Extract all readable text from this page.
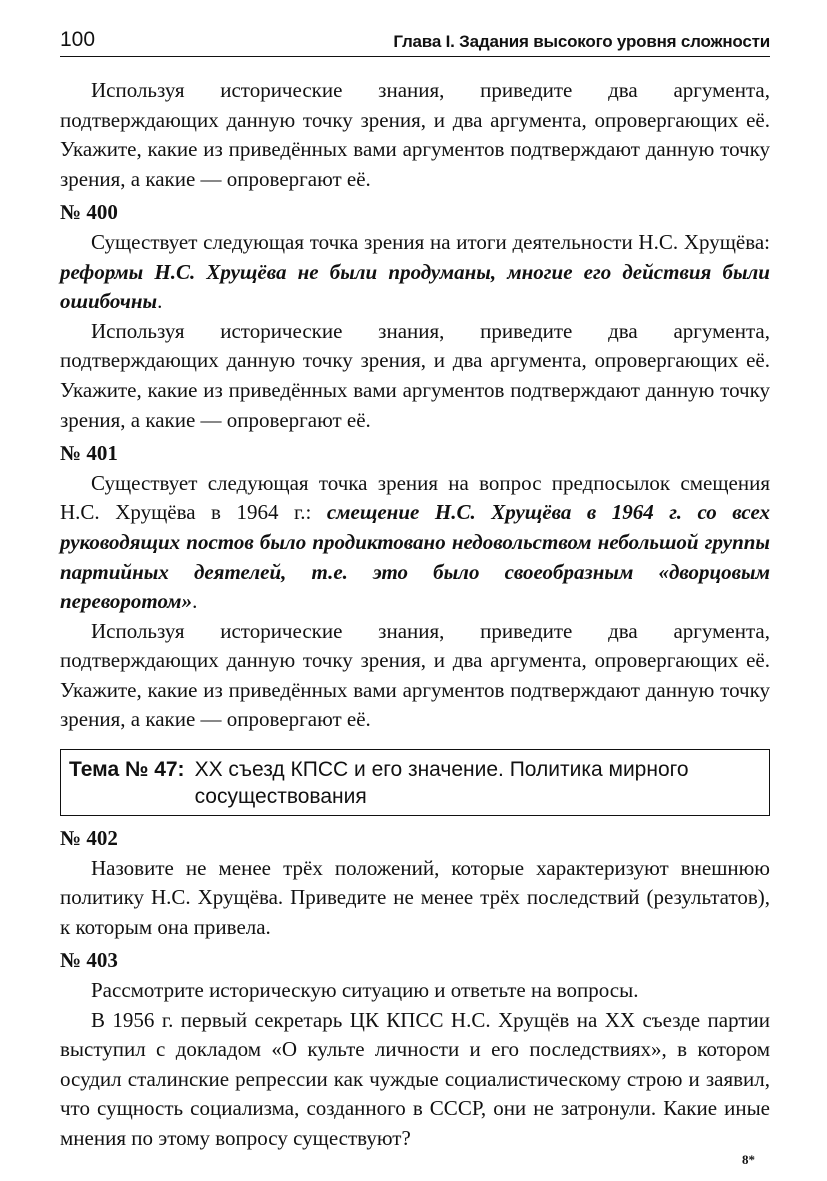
100	Глава I. Задания высокого уровня сложности

Используя исторические знания, приведите два аргумента, подтверждающих данную точку зрения, и два аргумента, опровергающих её. Укажите, какие из приведённых вами аргументов подтверждают данную точку зрения, а какие — опровергают её.

№ 400

Существует следующая точка зрения на итоги деятельности Н.С. Хрущёва: реформы Н.С. Хрущёва не были продуманы, многие его действия были ошибочны.

Используя исторические знания, приведите два аргумента, подтверждающих данную точку зрения, и два аргумента, опровергающих её. Укажите, какие из приведённых вами аргументов подтверждают данную точку зрения, а какие — опровергают её.

№ 401

Существует следующая точка зрения на вопрос предпосылок смещения Н.С. Хрущёва в 1964 г.: смещение Н.С. Хрущёва в 1964 г. со всех руководящих постов было продиктовано недовольством небольшой группы партийных деятелей, т.е. это было своеобразным «дворцовым переворотом».

Используя исторические знания, приведите два аргумента, подтверждающих данную точку зрения, и два аргумента, опровергающих её. Укажите, какие из приведённых вами аргументов подтверждают данную точку зрения, а какие — опровергают её.

Тема № 47: XX съезд КПСС и его значение. Политика мирного сосуществования
№ 402

Назовите не менее трёх положений, которые характеризуют внешнюю политику Н.С. Хрущёва. Приведите не менее трёх последствий (результатов), к которым она привела.

№ 403

Рассмотрите историческую ситуацию и ответьте на вопросы.

В 1956 г. первый секретарь ЦК КПСС Н.С. Хрущёв на XX съезде партии выступил с докладом «О культе личности и его последствиях», в котором осудил сталинские репрессии как чуждые социалистическому строю и заявил, что сущность социализма, созданного в СССР, они не затронули. Какие иные мнения по этому вопросу существуют?

8*
